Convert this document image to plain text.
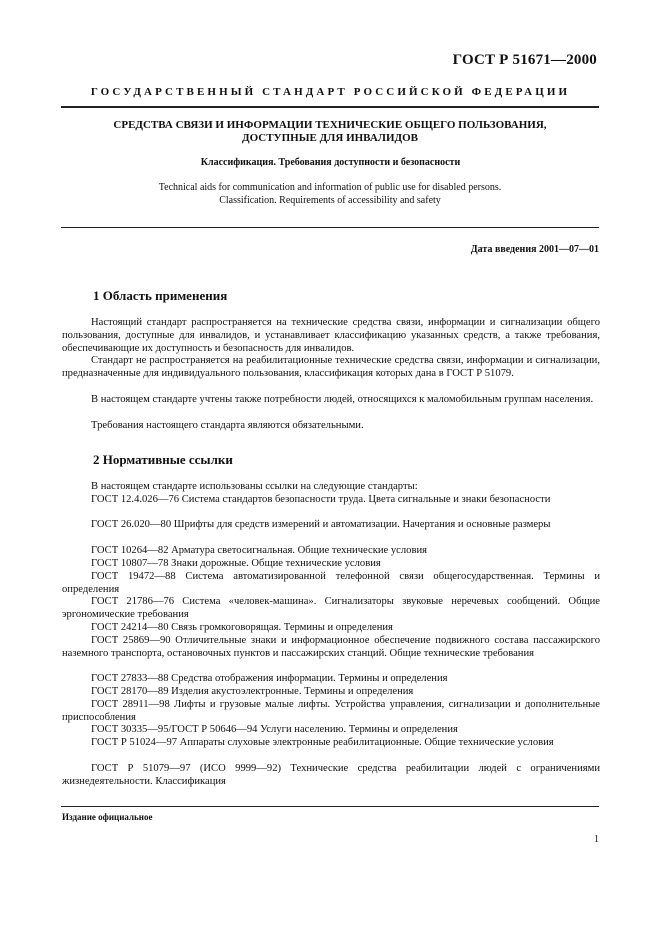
ГОСТ Р 51671—2000
ГОСУДАРСТВЕННЫЙ СТАНДАРТ РОССИЙСКОЙ ФЕДЕРАЦИИ
СРЕДСТВА СВЯЗИ И ИНФОРМАЦИИ ТЕХНИЧЕСКИЕ ОБЩЕГО ПОЛЬЗОВАНИЯ,
ДОСТУПНЫЕ ДЛЯ ИНВАЛИДОВ
Классификация. Требования доступности и безопасности
Technical aids for communication and information of public use for disabled persons.
Classification. Requirements of accessibility and safety
Дата введения 2001—07—01
1 Область применения
Настоящий стандарт распространяется на технические средства связи, информации и сигнализации общего пользования, доступные для инвалидов, и устанавливает классификацию указанных средств, а также требования, обеспечивающие их доступность и безопасность для инвалидов.
Стандарт не распространяется на реабилитационные технические средства связи, информации и сигнализации, предназначенные для индивидуального пользования, классификация которых дана в ГОСТ Р 51079.
В настоящем стандарте учтены также потребности людей, относящихся к маломобильным группам населения.
Требования настоящего стандарта являются обязательными.
2 Нормативные ссылки
В настоящем стандарте использованы ссылки на следующие стандарты:
ГОСТ 12.4.026—76 Система стандартов безопасности труда. Цвета сигнальные и знаки безопасности
ГОСТ 26.020—80 Шрифты для средств измерений и автоматизации. Начертания и основные размеры
ГОСТ 10264—82 Арматура светосигнальная. Общие технические условия
ГОСТ 10807—78 Знаки дорожные. Общие технические условия
ГОСТ 19472—88 Система автоматизированной телефонной связи общегосударственная. Термины и определения
ГОСТ 21786—76 Система «человек-машина». Сигнализаторы звуковые неречевых сообщений. Общие эргономические требования
ГОСТ 24214—80 Связь громкоговорящая. Термины и определения
ГОСТ 25869—90 Отличительные знаки и информационное обеспечение подвижного состава пассажирского наземного транспорта, остановочных пунктов и пассажирских станций. Общие технические требования
ГОСТ 27833—88 Средства отображения информации. Термины и определения
ГОСТ 28170—89 Изделия акустоэлектронные. Термины и определения
ГОСТ 28911—98 Лифты и грузовые малые лифты. Устройства управления, сигнализации и дополнительные приспособления
ГОСТ 30335—95/ГОСТ Р 50646—94 Услуги населению. Термины и определения
ГОСТ Р 51024—97 Аппараты слуховые электронные реабилитационные. Общие технические условия
ГОСТ Р 51079—97 (ИСО 9999—92) Технические средства реабилитации людей с ограничениями жизнедеятельности. Классификация
Издание официальное
1
